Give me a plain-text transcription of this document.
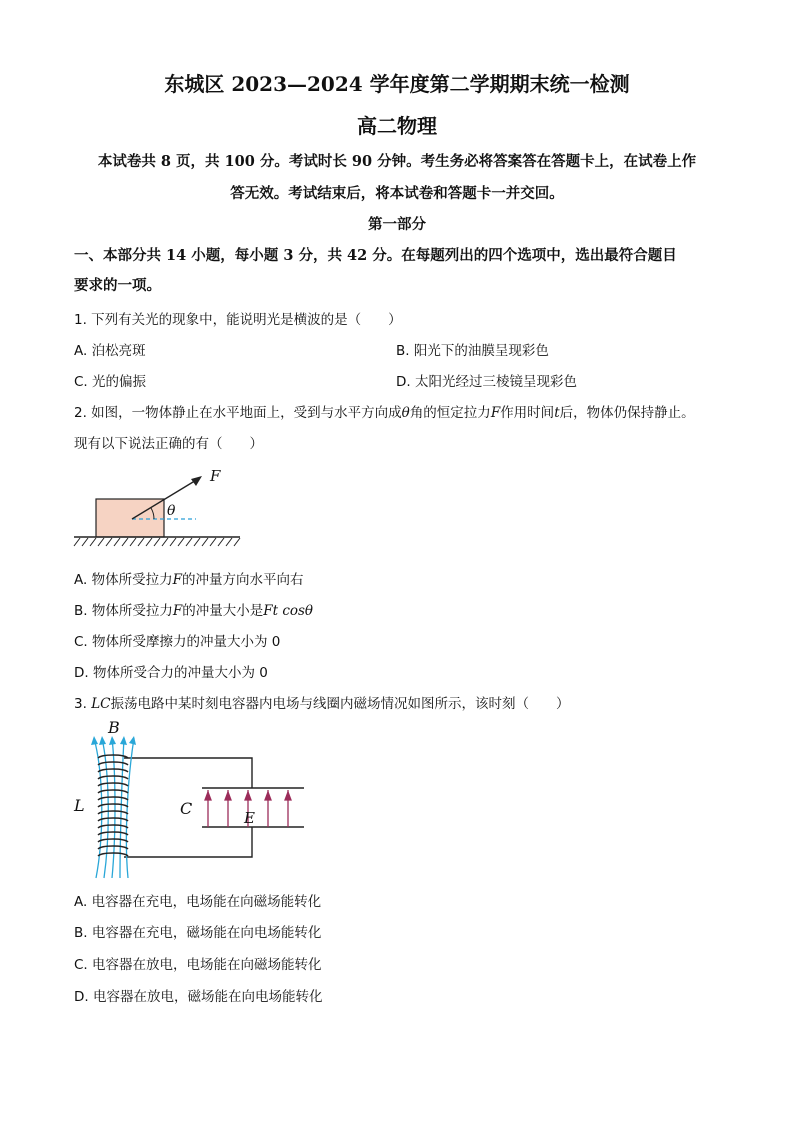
东城区 2023—2024 学年度第二学期期末统一检测
高二物理
本试卷共 8 页，共 100 分。考试时长 90 分钟。考生务必将答案答在答题卡上，在试卷上作
答无效。考试结束后，将本试卷和答题卡一并交回。
第一部分
一、本部分共 14 小题，每小题 3 分，共 42 分。在每题列出的四个选项中，选出最符合题目
要求的一项。
1. 下列有关光的现象中，能说明光是横波的是（　　）
A. 泊松亮斑	B. 阳光下的油膜呈现彩色
C. 光的偏振	D. 太阳光经过三棱镜呈现彩色
2. 如图，一物体静止在水平地面上，受到与水平方向成θ角的恒定拉力F作用时间t后，物体仍保持静止。
现有以下说法正确的有（　　）
F
θ
A. 物体所受拉力F的冲量方向水平向右
B. 物体所受拉力F的冲量大小是Ft cosθ
C. 物体所受摩擦力的冲量大小为 0
D. 物体所受合力的冲量大小为 0
3. LC振荡电路中某时刻电容器内电场与线圈内磁场情况如图所示，该时刻（　　）
B
L	C	E
A. 电容器在充电，电场能在向磁场能转化
B. 电容器在充电，磁场能在向电场能转化
C. 电容器在放电，电场能在向磁场能转化
D. 电容器在放电，磁场能在向电场能转化
